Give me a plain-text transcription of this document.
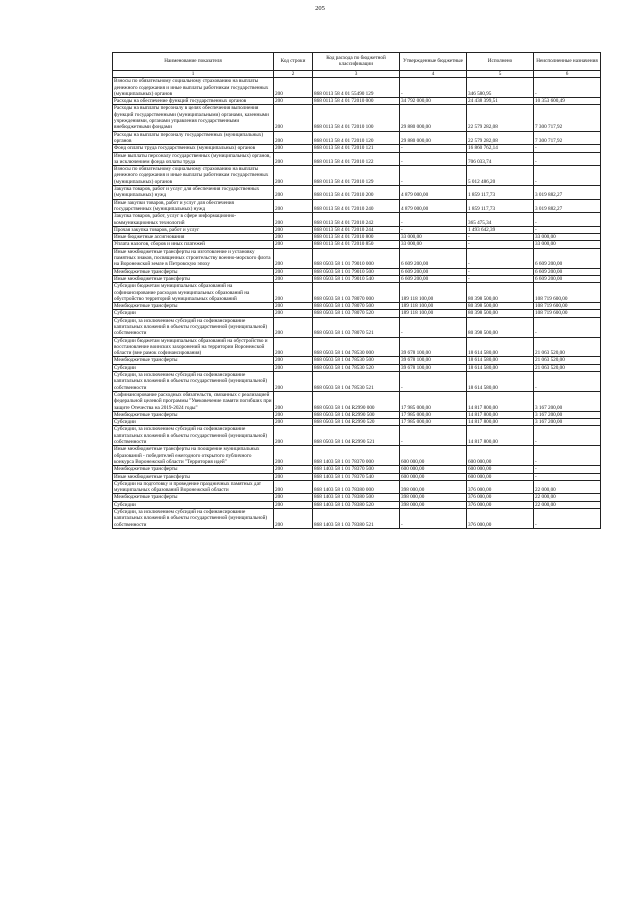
205
Наименование показателя	Код строки	Код расхода по бюджетной классификации	Утвержденные бюджетные	Исполнено	Неисполненные назначения
1	2	3	4	5	6
Взносы по обязательному социальному страхованию на выплаты денежного содержания и иные выплаты работникам государственных (муниципальных) органов	200	868 0113 58 4 01 55490 129	-	346 580,95	-
Расходы на обеспечение функций государственных органов	200	868 0113 58 4 01 72010 000	34 792 000,00	24 438 399,51	10 353 600,49
Расходы на выплаты персоналу в целях обеспечения выполнения функций государственными (муниципальными) органами, казенными учреждениями, органами управления государственными внебюджетными фондами	200	868 0113 58 4 01 72010 100	29 880 000,00	22 579 282,08	7 300 717,92
Расходы на выплаты персоналу государственных (муниципальных) органов	200	868 0113 58 4 01 72010 120	29 880 000,00	22 579 282,08	7 300 717,92
Фонд оплаты труда государственных (муниципальных) органов	200	868 0113 58 4 01 72010 121	-	16 860 762,14	-
Иные выплаты персоналу государственных (муниципальных) органов, за исключением фонда оплаты труда	200	868 0113 58 4 01 72010 122	-	706 033,74	-
Взносы по обязательному социальному страхованию на выплаты денежного содержания и иные выплаты работникам государственных (муниципальных) органов	200	868 0113 58 4 01 72010 129	-	5 012 486,20	-
Закупка товаров, работ и услуг для обеспечения государственных (муниципальных) нужд	200	868 0113 58 4 01 72010 200	4 879 000,00	1 859 117,73	3 019 882,27
Иные закупки товаров, работ и услуг для обеспечения государственных (муниципальных) нужд	200	868 0113 58 4 01 72010 240	4 879 000,00	1 859 117,73	3 019 882,27
Закупка товаров, работ, услуг в сфере информационно-коммуникационных технологий	200	868 0113 58 4 01 72010 242	-	365 475,34	-
Прочая закупка товаров, работ и услуг	200	868 0113 58 4 01 72010 244	-	1 493 642,39	-
Иные бюджетные ассигнования	200	868 0113 58 4 01 72010 800	33 000,00	-	33 000,00
Уплата налогов, сборов и иных платежей	200	868 0113 58 4 01 72010 850	33 000,00	-	33 000,00
Иные межбюджетные трансферты на изготовление и установку памятных знаков, посвященных строительству военно-морского флота на Воронежской земле в Петровскую эпоху	200	868 0503 58 1 01 79010 000	6 609 200,00	-	6 609 200,00
Межбюджетные трансферты	200	868 0503 58 1 01 79010 500	6 609 200,00	-	6 609 200,00
Иные межбюджетные трансферты	200	868 0503 58 1 01 79010 540	6 609 200,00	-	6 609 200,00
Субсидии бюджетам муниципальных образований на софинансирование расходов муниципальных образований на обустройство территорий муниципальных образований	200	868 0503 58 1 03 78070 000	189 118 100,00	80 398 500,00	108 719 600,00
Межбюджетные трансферты	200	868 0503 58 1 03 78070 500	189 118 100,00	80 398 500,00	108 719 600,00
Субсидии	200	868 0503 58 1 03 78070 520	189 118 100,00	80 398 500,00	108 719 600,00
Субсидии, за исключением субсидий на софинансирование капитальных вложений в объекты государственной (муниципальной) собственности	200	868 0503 58 1 03 78070 521	-	80 398 500,00	-
Субсидии бюджетам муниципальных образований на обустройство и восстановление воинских захоронений на территории Воронежской области (вне рамок софинансирования)	200	868 0503 58 1 04 78530 000	39 678 100,00	18 614 580,00	21 063 520,00
Межбюджетные трансферты	200	868 0503 58 1 04 78530 500	39 678 100,00	18 614 580,00	21 063 520,00
Субсидии	200	868 0503 58 1 04 78530 520	39 678 100,00	18 614 580,00	21 063 520,00
Субсидии, за исключением субсидий на софинансирование капитальных вложений в объекты государственной (муниципальной) собственности	200	868 0503 58 1 04 78530 521	-	18 614 580,00	-
Софинансирование расходных обязательств, связанных с реализацией федеральной целевой программы "Увековечение памяти погибших при защите Отечества на 2019-2024 годы"	200	868 0503 58 1 04 R2990 000	17 985 000,00	14 817 800,00	3 167 200,00
Межбюджетные трансферты	200	868 0503 58 1 04 R2990 500	17 985 000,00	14 817 800,00	3 167 200,00
Субсидии	200	868 0503 58 1 04 R2990 520	17 985 000,00	14 817 800,00	3 167 200,00
Субсидии, за исключением субсидий на софинансирование капитальных вложений в объекты государственной (муниципальной) собственности	200	868 0503 58 1 04 R2990 521	-	14 817 800,00	-
Иные межбюджетные трансферты на поощрение муниципальных образований - победителей ежегодного открытого публичного конкурса Воронежской области "Территория идей"	200	868 1403 58 1 01 78370 000	600 000,00	600 000,00	-
Межбюджетные трансферты	200	868 1403 58 1 01 78370 500	600 000,00	600 000,00	-
Иные межбюджетные трансферты	200	868 1403 58 1 01 78370 540	600 000,00	600 000,00	-
Субсидии на подготовку и проведение праздничных памятных дат муниципальных образований Воронежской области	200	868 1403 58 1 03 78380 000	398 000,00	376 000,00	22 000,00
Межбюджетные трансферты	200	868 1403 58 1 03 78380 500	398 000,00	376 000,00	22 000,00
Субсидии	200	868 1403 58 1 03 78380 520	398 000,00	376 000,00	22 000,00
Субсидии, за исключением субсидий на софинансирование капитальных вложений в объекты государственной (муниципальной) собственности	200	868 1403 58 1 03 78380 521	-	376 000,00	-
